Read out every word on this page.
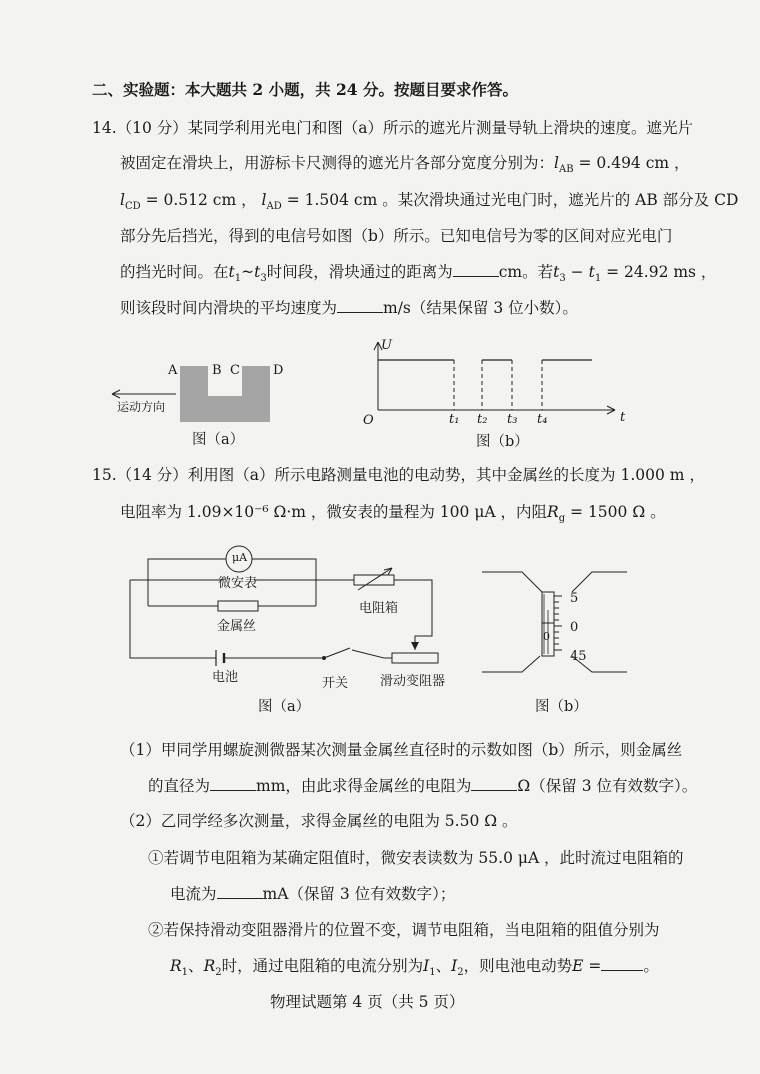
二、实验题：本大题共 2 小题，共 24 分。按题目要求作答。
14.（10 分）某同学利用光电门和图（a）所示的遮光片测量导轨上滑块的速度。遮光片
被固定在滑块上，用游标卡尺测得的遮光片各部分宽度分别为：$l_{AB} = 0.494$ cm ，
$l_{CD} = 0.512$ cm ， $l_{AD} = 1.504$ cm 。某次滑块通过光电门时，遮光片的 AB 部分及 CD
部分先后挡光，得到的电信号如图（b）所示。已知电信号为零的区间对应光电门
的挡光时间。在$t_1\sim t_3$时间段，滑块通过的距离为	cm。若$t_3 - t_1 = 24.92$ ms ，
则该段时间内滑块的平均速度为	m/s（结果保留 3 位小数）。
A	B C	D
运动方向
图（a）
U
O	t
t₁ t₂ t₃ t₄
图（b）
15.（14 分）利用图（a）所示电路测量电池的电动势，其中金属丝的长度为 1.000 m ，
电阻率为 1.09×10⁻⁶ Ω·m ，微安表的量程为 100 μA ，内阻$R_g = 1500$ Ω 。
μA
微安表
电阻箱
金属丝
电池	开关 滑动变阻器
图（a）
5
0
45
0
图（b）
（1）甲同学用螺旋测微器某次测量金属丝直径时的示数如图（b）所示，则金属丝
的直径为	mm，由此求得金属丝的电阻为	Ω（保留 3 位有效数字）。
（2）乙同学经多次测量，求得金属丝的电阻为 5.50 Ω 。
①若调节电阻箱为某确定阻值时，微安表读数为 55.0 μA ，此时流过电阻箱的
电流为	mA（保留 3 位有效数字）；
②若保持滑动变阻器滑片的位置不变，调节电阻箱，当电阻箱的阻值分别为
$R_1$、$R_2$时，通过电阻箱的电流分别为$I_1$、$I_2$，则电池电动势E =	。
物理试题第 4 页（共 5 页）
